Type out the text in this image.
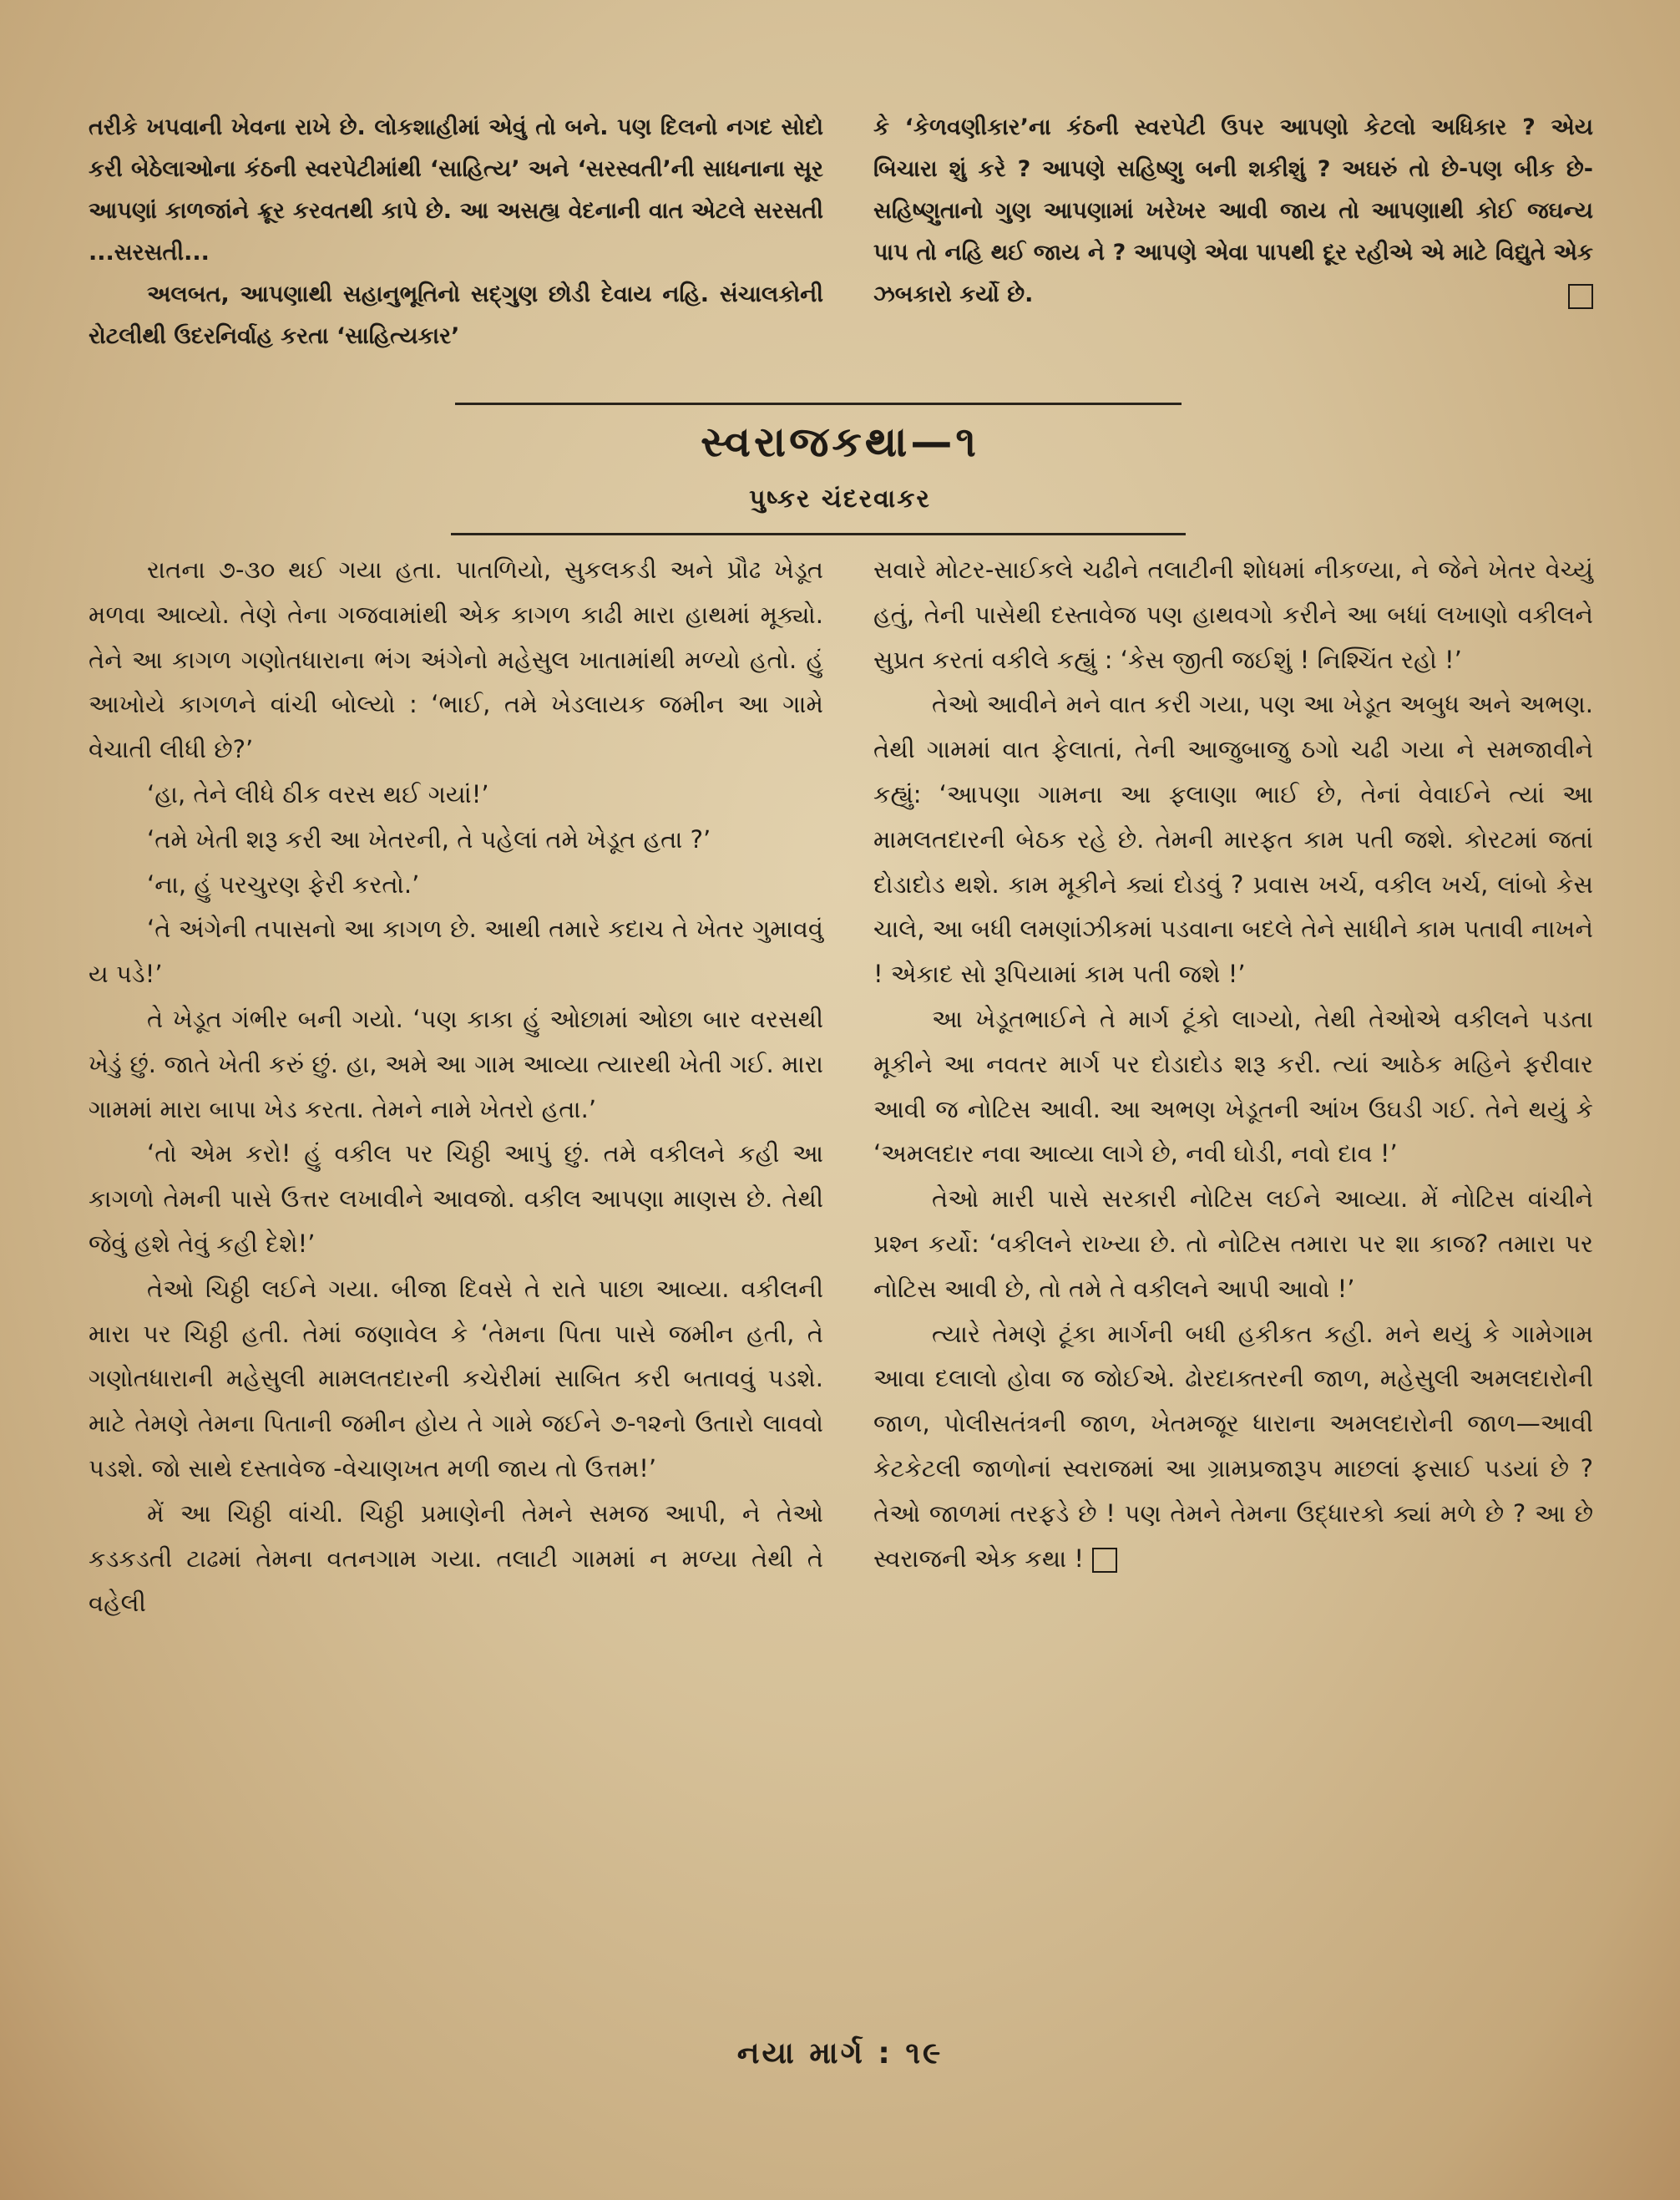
તરીકે ખપવાની ખેવના રાખે છે. લોકશાહીમાં એવું તો બને. પણ દિલનો નગદ સોદો કરી બેઠેલાઓના કંઠની સ્વરપેટીમાંથી ‘સાહિત્ય’ અને ‘સરસ્વતી’ની સાધનાના સૂર આપણાં કાળજાંને ક્રૂર કરવતથી કાપે છે. આ અસહ્ય વેદનાની વાત એટલે સરસતી ...સરસતી...

અલબત, આપણાથી સહાનુભૂતિનો સદ્ગુણ છોડી દેવાય નહિ. સંચાલકોની રોટલીથી ઉદરનિર્વાહ કરતા ‘સાહિત્યકાર’

કે ‘કેળવણીકાર’ના કંઠની સ્વરપેટી ઉપર આપણો કેટલો અધિકાર ? એય બિચારા શું કરે ? આપણે સહિષ્ણુ બની શકીશું ? અઘરું તો છે-પણ બીક છે-સહિષ્ણુતાનો ગુણ આપણામાં ખરેખર આવી જાય તો આપણાથી કોઈ જઘન્ય પાપ તો નહિ થઈ જાય ને ? આપણે એવા પાપથી દૂર રહીએ એ માટે વિદ્યુતે એક ઝબકારો કર્યો છે.

સ્વરાજકથા—૧
પુષ્કર ચંદરવાકર

રાતના ૭-૩૦ થઈ ગયા હતા. પાતળિયો, સુકલકડી અને પ્રૌઢ ખેડૂત મળવા આવ્યો. તેણે તેના ગજવામાંથી એક કાગળ કાઢી મારા હાથમાં મૂક્યો. તેને આ કાગળ ગણોતધારાના ભંગ અંગેનો મહેસુલ ખાતામાંથી મળ્યો હતો. હું આખોયે કાગળને વાંચી બોલ્યો : ‘ભાઈ, તમે ખેડલાયક જમીન આ ગામે વેચાતી લીધી છે?’

‘હા, તેને લીધે ઠીક વરસ થઈ ગયાં!’

‘તમે ખેતી શરૂ કરી આ ખેતરની, તે પહેલાં તમે ખેડૂત હતા ?’

‘ના, હું પરચુરણ ફેરી કરતો.’

‘તે અંગેની તપાસનો આ કાગળ છે. આથી તમારે કદાચ તે ખેતર ગુમાવવું ય પડે!’

તે ખેડૂત ગંભીર બની ગયો. ‘પણ કાકા હું ઓછામાં ઓછા બાર વરસથી ખેડું છું. જાતે ખેતી કરું છું. હા, અમે આ ગામ આવ્યા ત્યારથી ખેતી ગઈ. મારા ગામમાં મારા બાપા ખેડ કરતા. તેમને નામે ખેતરો હતા.’

‘તો એમ કરો! હું વકીલ પર ચિઠ્ઠી આપું છું. તમે વકીલને કહી આ કાગળો તેમની પાસે ઉત્તર લખાવીને આવજો. વકીલ આપણા માણસ છે. તેથી જેવું હશે તેવું કહી દેશે!’

તેઓ ચિઠ્ઠી લઈને ગયા. બીજા દિવસે તે રાતે પાછા આવ્યા. વકીલની મારા પર ચિઠ્ઠી હતી. તેમાં જણાવેલ કે ‘તેમના પિતા પાસે જમીન હતી, તે ગણોતધારાની મહેસુલી મામલતદારની કચેરીમાં સાબિત કરી બતાવવું પડશે. માટે તેમણે તેમના પિતાની જમીન હોય તે ગામે જઈને ૭-૧૨નો ઉતારો લાવવો પડશે. જો સાથે દસ્તાવેજ -વેચાણખત મળી જાય તો ઉત્તમ!’

મેં આ ચિઠ્ઠી વાંચી. ચિઠ્ઠી પ્રમાણેની તેમને સમજ આપી, ને તેઓ કડકડતી ટાઢમાં તેમના વતનગામ ગયા. તલાટી ગામમાં ન મળ્યા તેથી તે વહેલી

સવારે મોટર-સાઈકલે ચઢીને તલાટીની શોધમાં નીકળ્યા, ને જેને ખેતર વેચ્યું હતું, તેની પાસેથી દસ્તાવેજ પણ હાથવગો કરીને આ બધાં લખાણો વકીલને સુપ્રત કરતાં વકીલે કહ્યું : ‘કેસ જીતી જઈશું ! નિશ્ચિંત રહો !’

તેઓ આવીને મને વાત કરી ગયા, પણ આ ખેડૂત અબુધ અને અભણ. તેથી ગામમાં વાત ફેલાતાં, તેની આજુબાજુ ઠગો ચઢી ગયા ને સમજાવીને કહ્યું: ‘આપણા ગામના આ ફલાણા ભાઈ છે, તેનાં વેવાઈને ત્યાં આ મામલતદારની બેઠક રહે છે. તેમની મારફત કામ પતી જશે. કોરટમાં જતાં દોડાદોડ થશે. કામ મૂકીને ક્યાં દોડવું ? પ્રવાસ ખર્ચ, વકીલ ખર્ચ, લાંબો કેસ ચાલે, આ બધી લમણાંઝીકમાં પડવાના બદલે તેને સાધીને કામ પતાવી નાખને ! એકાદ સો રૂપિયામાં કામ પતી જશે !’

આ ખેડૂતભાઈને તે માર્ગ ટૂંકો લાગ્યો, તેથી તેઓએ વકીલને પડતા મૂકીને આ નવતર માર્ગ પર દોડાદોડ શરૂ કરી. ત્યાં આઠેક મહિને ફરીવાર આવી જ નોટિસ આવી. આ અભણ ખેડૂતની આંખ ઉઘડી ગઈ. તેને થયું કે ‘અમલદાર નવા આવ્યા લાગે છે, નવી ઘોડી, નવો દાવ !’

તેઓ મારી પાસે સરકારી નોટિસ લઈને આવ્યા. મેં નોટિસ વાંચીને પ્રશ્ન કર્યો: ‘વકીલને રાખ્યા છે. તો નોટિસ તમારા પર શા કાજ? તમારા પર નોટિસ આવી છે, તો તમે તે વકીલને આપી આવો !’

ત્યારે તેમણે ટૂંકા માર્ગની બધી હકીકત કહી. મને થયું કે ગામેગામ આવા દલાલો હોવા જ જોઈએ. ઢોરદાક્તરની જાળ, મહેસુલી અમલદારોની જાળ, પોલીસતંત્રની જાળ, ખેતમજૂર ધારાના અમલદારોની જાળ—આવી કેટકેટલી જાળોનાં સ્વરાજમાં આ ગ્રામપ્રજારૂપ માછલાં ફસાઈ પડયાં છે ? તેઓ જાળમાં તરફડે છે ! પણ તેમને તેમના ઉદ્ધારકો ક્યાં મળે છે ? આ છે સ્વરાજની એક કથા !

નયા માર્ગ : ૧૯
